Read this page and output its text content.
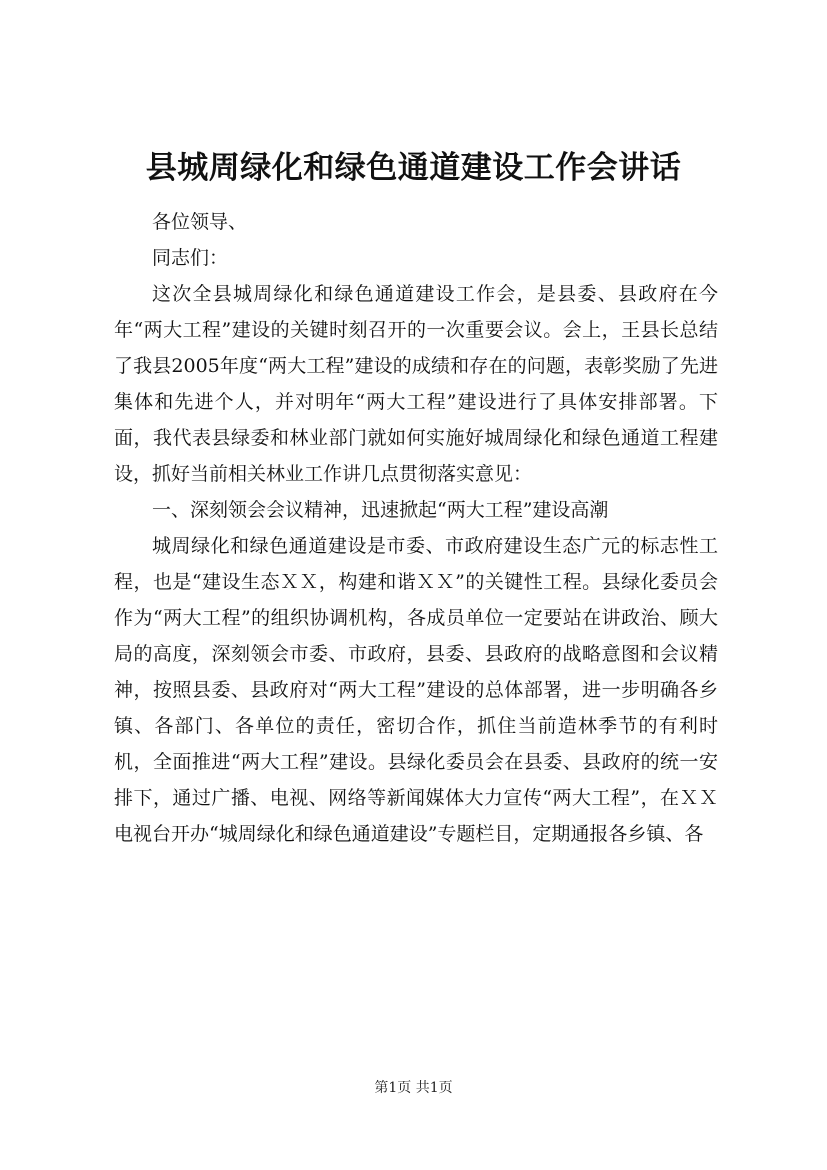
县城周绿化和绿色通道建设工作会讲话

各位领导、

同志们：

这次全县城周绿化和绿色通道建设工作会，是县委、县政府在今年“两大工程”建设的关键时刻召开的一次重要会议。会上，王县长总结了我县2005年度“两大工程”建设的成绩和存在的问题，表彰奖励了先进集体和先进个人，并对明年“两大工程”建设进行了具体安排部署。下面，我代表县绿委和林业部门就如何实施好城周绿化和绿色通道工程建设，抓好当前相关林业工作讲几点贯彻落实意见：

一、深刻领会会议精神，迅速掀起“两大工程”建设高潮

城周绿化和绿色通道建设是市委、市政府建设生态广元的标志性工程，也是“建设生态ＸＸ，构建和谐ＸＸ”的关键性工程。县绿化委员会作为“两大工程”的组织协调机构，各成员单位一定要站在讲政治、顾大局的高度，深刻领会市委、市政府，县委、县政府的战略意图和会议精神，按照县委、县政府对“两大工程”建设的总体部署，进一步明确各乡镇、各部门、各单位的责任，密切合作，抓住当前造林季节的有利时机，全面推进“两大工程”建设。县绿化委员会在县委、县政府的统一安排下，通过广播、电视、网络等新闻媒体大力宣传“两大工程”，在ＸＸ电视台开办“城周绿化和绿色通道建设”专题栏目，定期通报各乡镇、各

第1页 共1页
